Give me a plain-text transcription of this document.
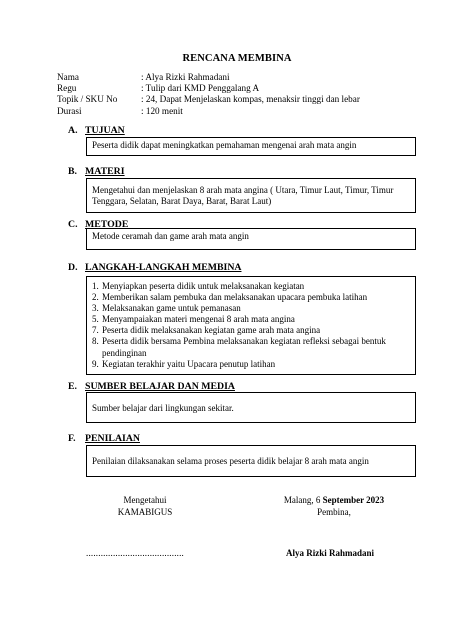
RENCANA MEMBINA
Nama	: Alya Rizki Rahmadani
Regu	: Tulip dari KMD Penggalang A
Topik / SKU No	: 24, Dapat Menjelaskan kompas, menaksir tinggi dan lebar
Durasi	: 120 menit
A. TUJUAN
Peserta didik dapat meningkatkan pemahaman mengenai arah mata angin
B. MATERI
Mengetahui dan menjelaskan 8 arah mata angina ( Utara, Timur Laut, Timur, Timur Tenggara, Selatan, Barat Daya, Barat, Barat Laut)
C. METODE
Metode ceramah dan game arah mata angin
D. LANGKAH-LANGKAH MEMBINA
1. Menyiapkan peserta didik untuk melaksanakan kegiatan
2. Memberikan salam pembuka dan melaksanakan upacara pembuka latihan
3. Melaksanakan game untuk pemanasan
5. Menyampaiakan materi mengenai 8 arah mata angina
7. Peserta didik melaksanakan kegiatan game arah mata angina
8. Peserta didik bersama Pembina melaksanakan kegiatan refleksi sebagai bentuk pendinginan
9. Kegiatan terakhir yaitu Upacara penutup latihan
E. SUMBER BELAJAR DAN MEDIA
Sumber belajar dari lingkungan sekitar.
F. PENILAIAN
Penilaian dilaksanakan selama proses peserta didik belajar 8 arah mata angin
Mengetahui
KAMABIGUS
Malang, 6 September 2023
Pembina,
........................................	Alya Rizki Rahmadani
